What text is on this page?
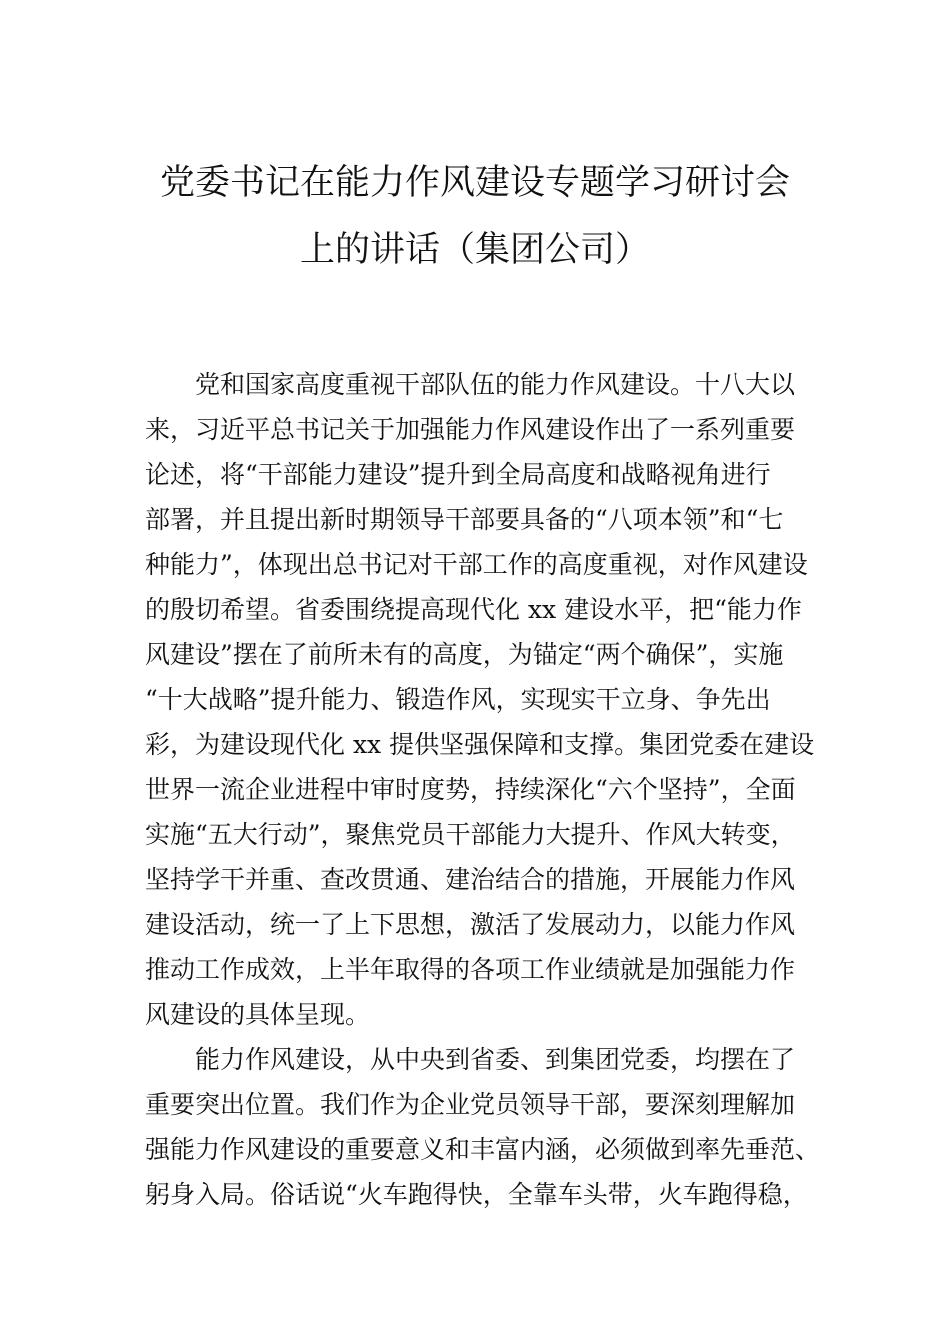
党委书记在能力作风建设专题学习研讨会
上的讲话（集团公司）
党和国家高度重视干部队伍的能力作风建设。十八大以
来，习近平总书记关于加强能力作风建设作出了一系列重要
论述，将“干部能力建设”提升到全局高度和战略视角进行
部署，并且提出新时期领导干部要具备的“八项本领”和“七
种能力”，体现出总书记对干部工作的高度重视，对作风建设
的殷切希望。省委围绕提高现代化 xx 建设水平，把“能力作
风建设”摆在了前所未有的高度，为锚定“两个确保”，实施
“十大战略”提升能力、锻造作风，实现实干立身、争先出
彩，为建设现代化 xx 提供坚强保障和支撑。集团党委在建设
世界一流企业进程中审时度势，持续深化“六个坚持”，全面
实施“五大行动”，聚焦党员干部能力大提升、作风大转变，
坚持学干并重、查改贯通、建治结合的措施，开展能力作风
建设活动，统一了上下思想，激活了发展动力，以能力作风
推动工作成效，上半年取得的各项工作业绩就是加强能力作
风建设的具体呈现。
能力作风建设，从中央到省委、到集团党委，均摆在了
重要突出位置。我们作为企业党员领导干部，要深刻理解加
强能力作风建设的重要意义和丰富内涵，必须做到率先垂范、
躬身入局。俗话说“火车跑得快，全靠车头带，火车跑得稳，
